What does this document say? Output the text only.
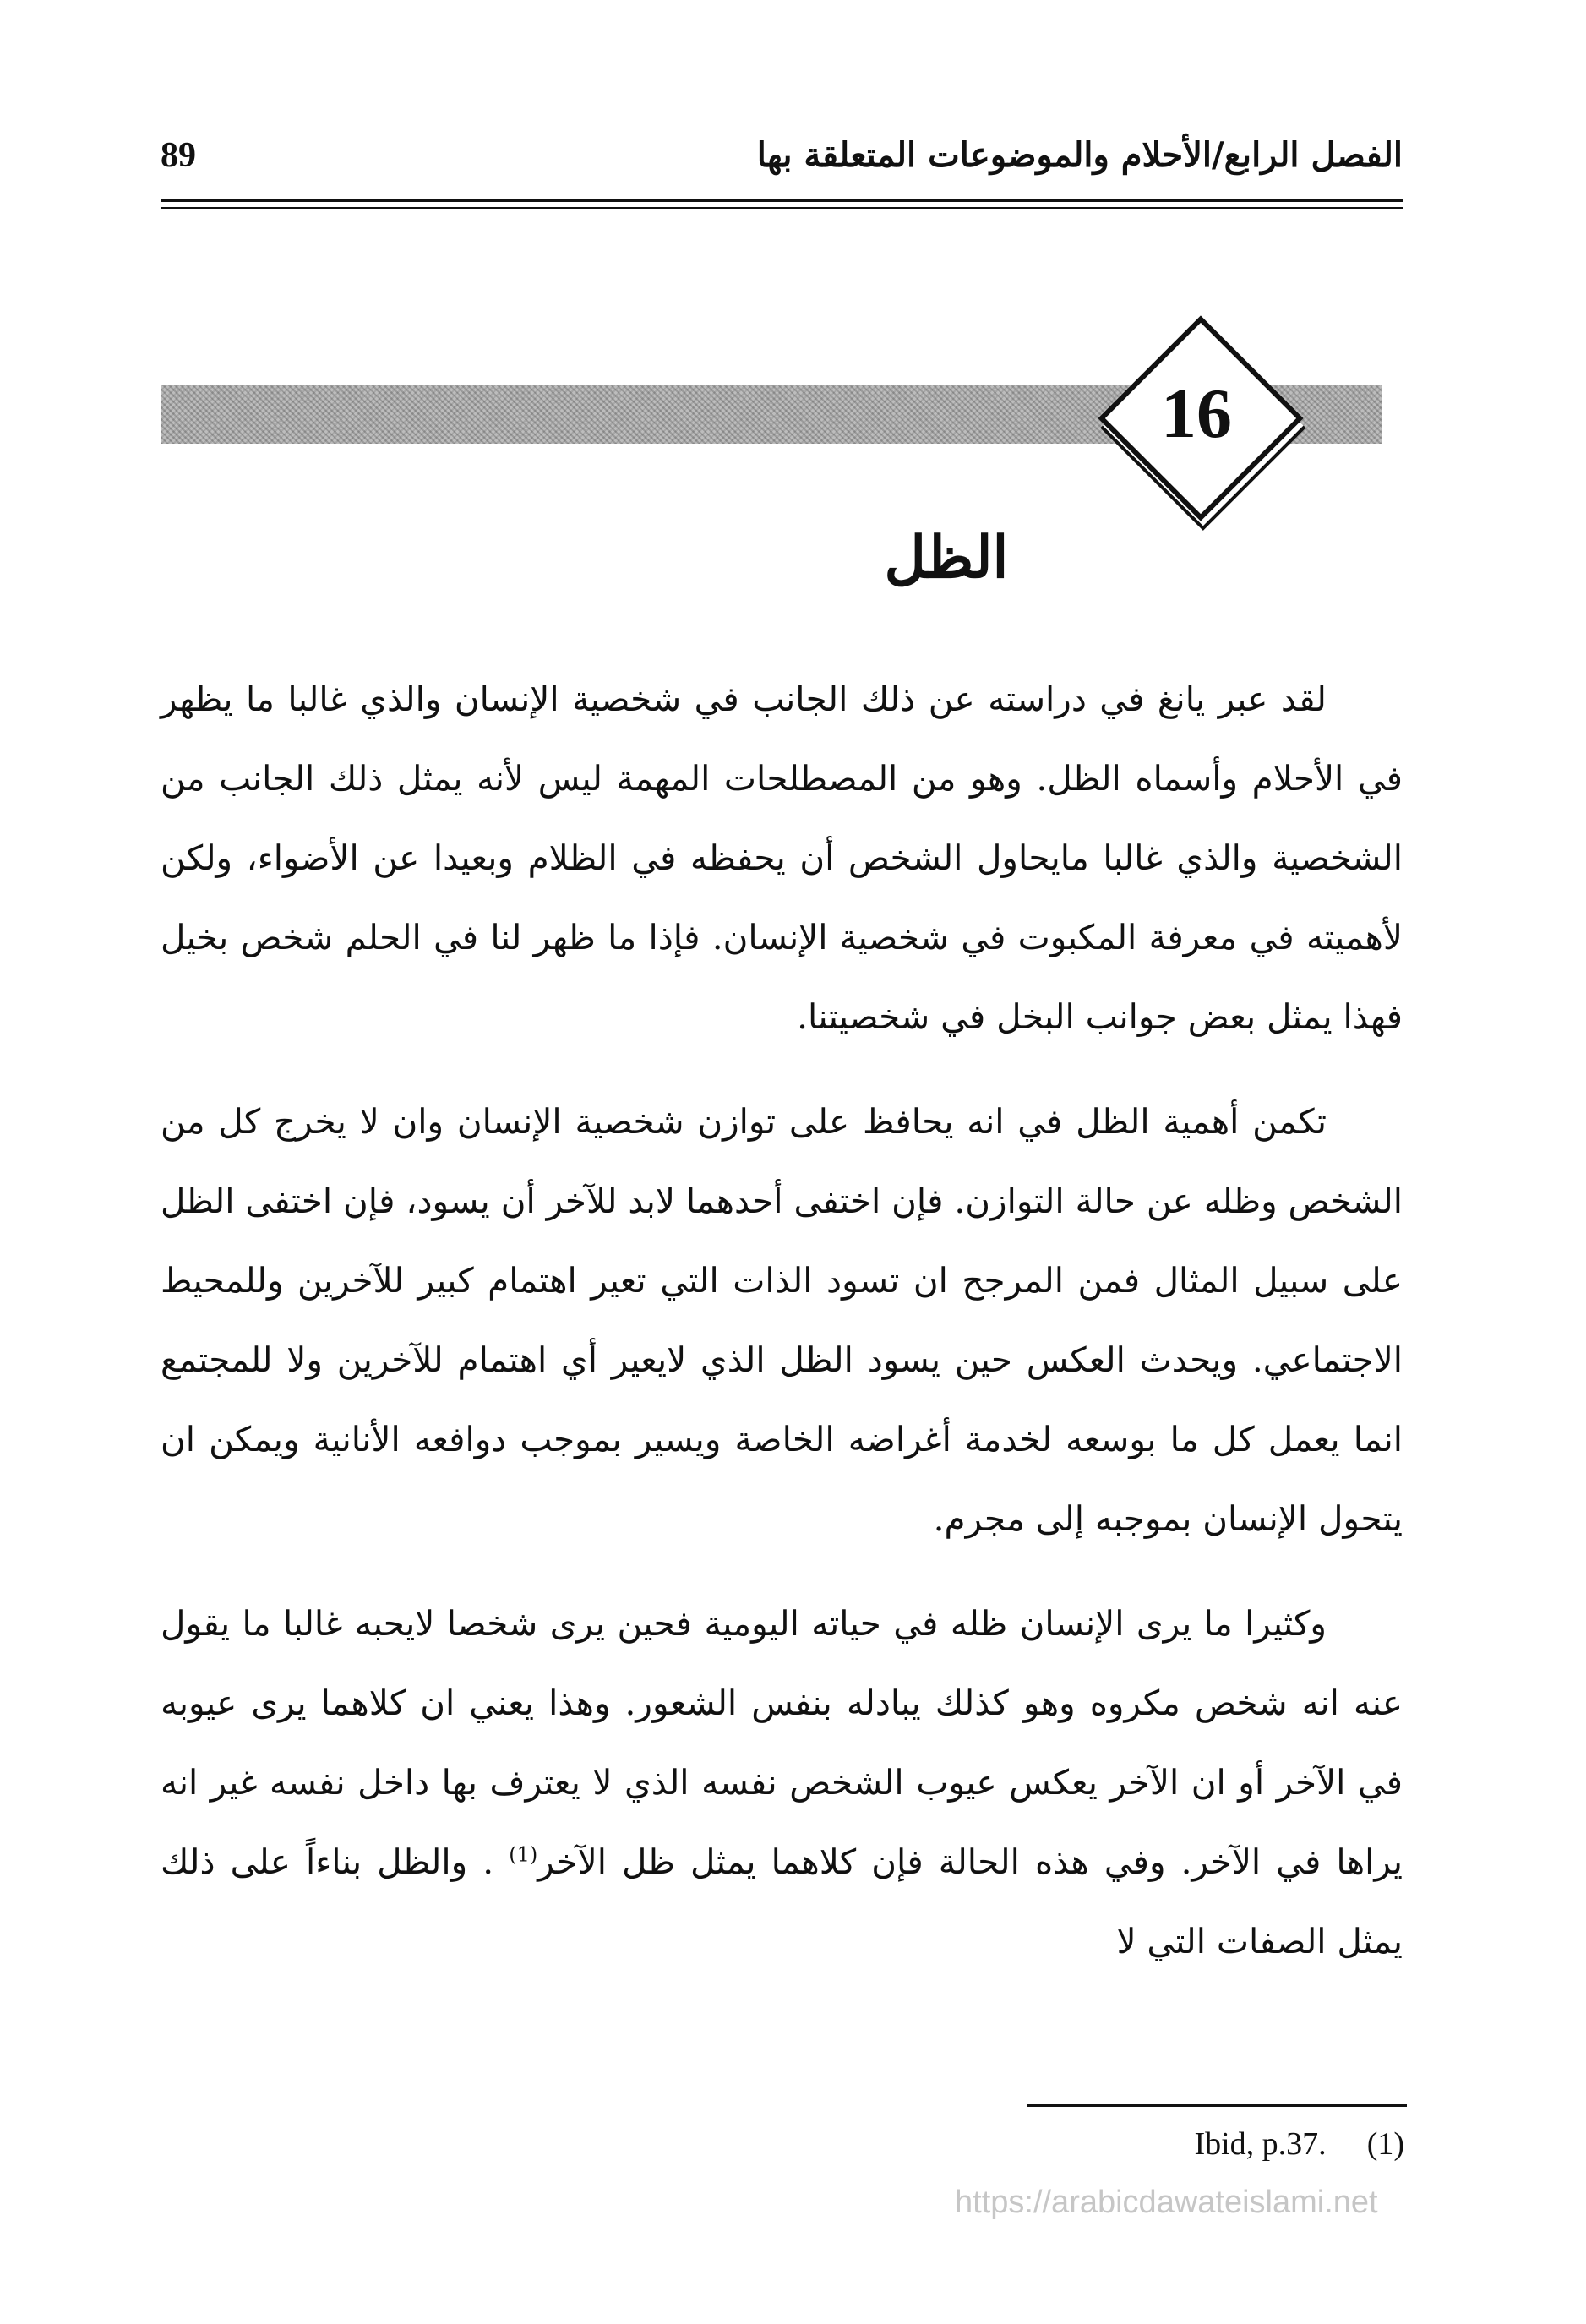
الفصل الرابع/الأحلام والموضوعات المتعلقة بها
89
16
الظل

لقد عبر يانغ في دراسته عن ذلك الجانب في شخصية الإنسان والذي غالبا ما يظهر في الأحلام وأسماه الظل. وهو من المصطلحات المهمة ليس لأنه يمثل ذلك الجانب من الشخصية والذي غالبا مايحاول الشخص أن يحفظه في الظلام وبعيدا عن الأضواء، ولكن لأهميته في معرفة المكبوت في شخصية الإنسان. فإذا ما ظهر لنا في الحلم شخص بخيل فهذا يمثل بعض جوانب البخل في شخصيتنا.

تكمن أهمية الظل في انه يحافظ على توازن شخصية الإنسان وان لا يخرج كل من الشخص وظله عن حالة التوازن. فإن اختفى أحدهما لابد للآخر أن يسود، فإن اختفى الظل على سبيل المثال فمن المرجح ان تسود الذات التي تعير اهتمام كبير للآخرين وللمحيط الاجتماعي. ويحدث العكس حين يسود الظل الذي لايعير أي اهتمام للآخرين ولا للمجتمع انما يعمل كل ما بوسعه لخدمة أغراضه الخاصة ويسير بموجب دوافعه الأنانية ويمكن ان يتحول الإنسان بموجبه إلى مجرم.

وكثيرا ما يرى الإنسان ظله في حياته اليومية فحين يرى شخصا لايحبه غالبا ما يقول عنه انه شخص مكروه وهو كذلك يبادله بنفس الشعور. وهذا يعني ان كلاهما يرى عيوبه في الآخر أو ان الآخر يعكس عيوب الشخص نفسه الذي لا يعترف بها داخل نفسه غير انه يراها في الآخر. وفي هذه الحالة فإن كلاهما يمثل ظل الآخر$^{(1)}$ . والظل بناءاً على ذلك يمثل الصفات التي لا

Ibid, p.37. (1)
https://arabicdawateislami.net
